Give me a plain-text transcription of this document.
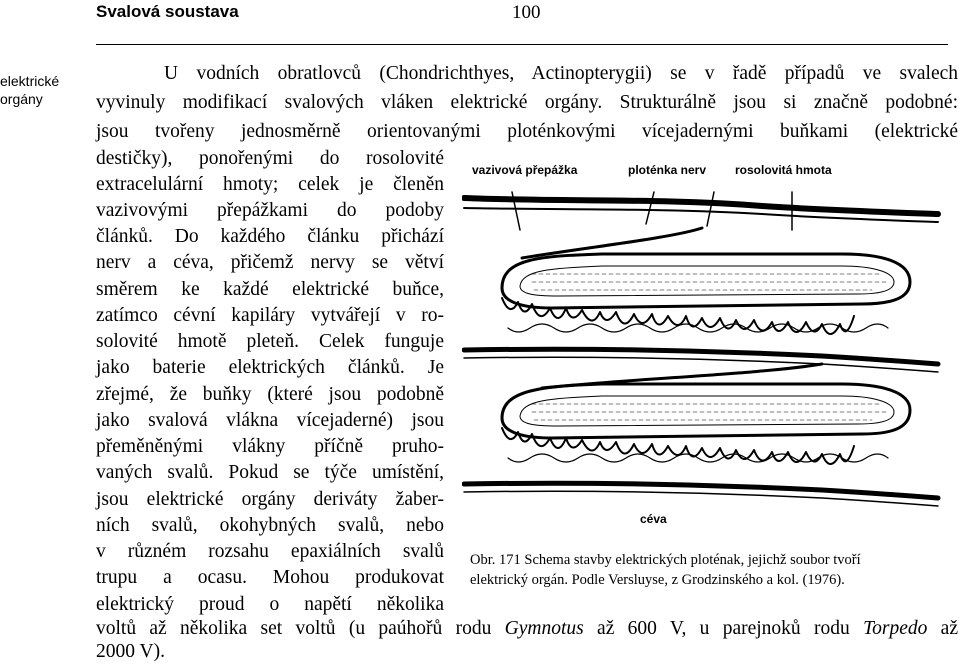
Svalová soustava	100
elektrické orgány
U vodních obratlovců (Chondrichthyes, Actinopterygii) se v řadě případů ve svalech
vyvinuly modifikací svalových vláken elektrické orgány. Strukturálně jsou si značně podobné:
jsou tvořeny jednosměrně orientovanými ploténkovými vícejadernými buňkami (elektrické
destičky), ponořenými do rosolovité
extracelulární hmoty; celek je členěn
vazivovými přepážkami do podoby
článků. Do každého článku přichází
nerv a céva, přičemž nervy se větví
směrem ke každé elektrické buňce,
zatímco cévní kapiláry vytvářejí v ro-
solovité hmotě pleteň. Celek funguje
jako baterie elektrických článků. Je
zřejmé, že buňky (které jsou podobně
jako svalová vlákna vícejaderné) jsou
přeměněnými vlákny příčně pruho-
vaných svalů. Pokud se týče umístění,
jsou elektrické orgány deriváty žaber-
ních svalů, okohybných svalů, nebo
v různém rozsahu epaxiálních svalů
trupu a ocasu. Mohou produkovat
elektrický proud o napětí několika
voltů až několika set voltů (u paúhořů rodu Gymnotus až 600 V, u parejnoků rodu Torpedo až
2000 V).
vazivová přepážka	ploténka nerv rosolovitá hmota
céva
Obr. 171 Schema stavby elektrických ploténak, jejichž soubor tvoří
elektrický orgán. Podle Versluyse, z Grodzinského a kol. (1976).
